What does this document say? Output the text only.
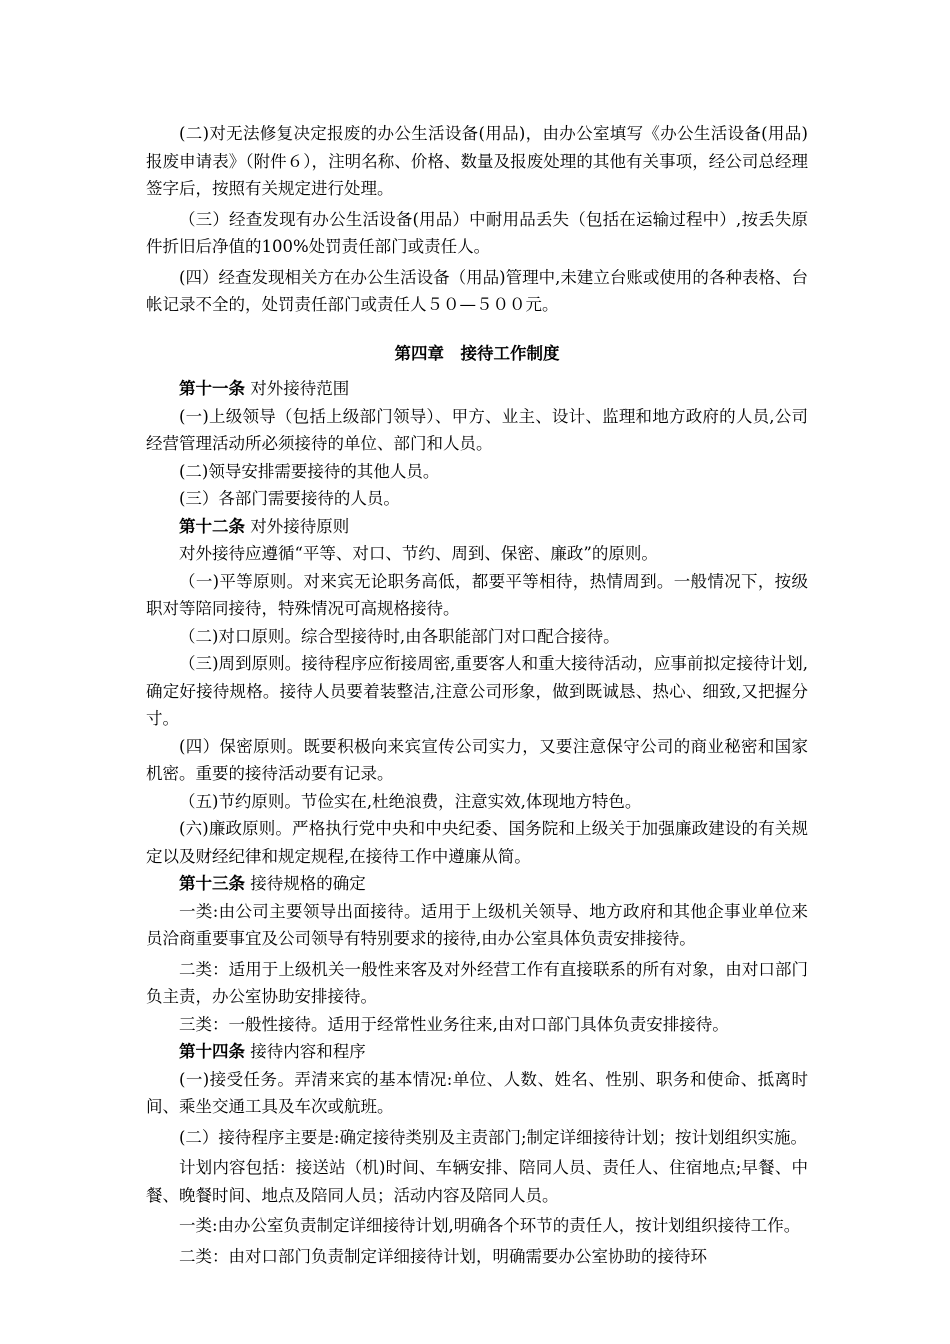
(二)对无法修复决定报废的办公生活设备(用品)，由办公室填写《办公生活设备(用品)报废申请表》（附件６），注明名称、价格、数量及报废处理的其他有关事项，经公司总经理签字后，按照有关规定进行处理。

（三）经查发现有办公生活设备(用品）中耐用品丢失（包括在运输过程中）,按丢失原件折旧后净值的100%处罚责任部门或责任人。

(四）经查发现相关方在办公生活设备（用品)管理中,未建立台账或使用的各种表格、台帐记录不全的，处罚责任部门或责任人５０—５００元。

第四章　接待工作制度

第十一条 对外接待范围

(一)上级领导（包括上级部门领导）、甲方、业主、设计、监理和地方政府的人员,公司经营管理活动所必须接待的单位、部门和人员。

(二)领导安排需要接待的其他人员。

(三）各部门需要接待的人员。

第十二条 对外接待原则

对外接待应遵循“平等、对口、节约、周到、保密、廉政”的原则。

（一)平等原则。对来宾无论职务高低，都要平等相待，热情周到。一般情况下，按级职对等陪同接待，特殊情况可高规格接待。

（二)对口原则。综合型接待时,由各职能部门对口配合接待。

（三)周到原则。接待程序应衔接周密,重要客人和重大接待活动，应事前拟定接待计划,确定好接待规格。接待人员要着装整洁,注意公司形象，做到既诚恳、热心、细致,又把握分寸。

(四）保密原则。既要积极向来宾宣传公司实力，又要注意保守公司的商业秘密和国家机密。重要的接待活动要有记录。

（五)节约原则。节俭实在,杜绝浪费，注意实效,体现地方特色。

(六)廉政原则。严格执行党中央和中央纪委、国务院和上级关于加强廉政建设的有关规定以及财经纪律和规定规程,在接待工作中遵廉从简。

第十三条 接待规格的确定

一类:由公司主要领导出面接待。适用于上级机关领导、地方政府和其他企事业单位来员洽商重要事宜及公司领导有特别要求的接待,由办公室具体负责安排接待。

二类：适用于上级机关一般性来客及对外经营工作有直接联系的所有对象，由对口部门负主责，办公室协助安排接待。

三类：一般性接待。适用于经常性业务往来,由对口部门具体负责安排接待。

第十四条 接待内容和程序

(一)接受任务。弄清来宾的基本情况:单位、人数、姓名、性别、职务和使命、抵离时间、乘坐交通工具及车次或航班。

(二）接待程序主要是:确定接待类别及主责部门;制定详细接待计划；按计划组织实施。

计划内容包括：接送站（机)时间、车辆安排、陪同人员、责任人、住宿地点;早餐、中餐、晚餐时间、地点及陪同人员；活动内容及陪同人员。

一类:由办公室负责制定详细接待计划,明确各个环节的责任人，按计划组织接待工作。

二类：由对口部门负责制定详细接待计划，明确需要办公室协助的接待环
